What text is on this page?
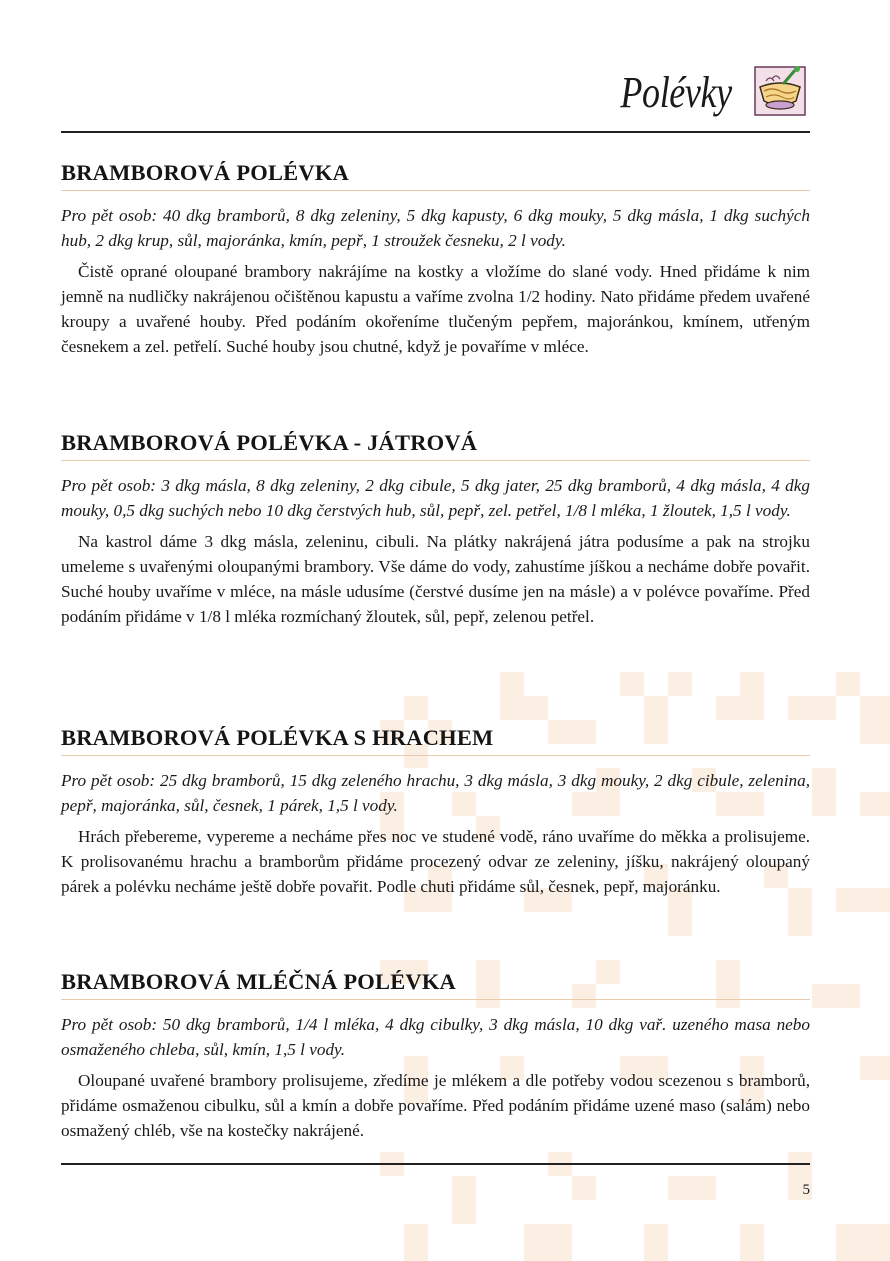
Polévky
BRAMBOROVÁ POLÉVKA

Pro pět osob: 40 dkg bramborů, 8 dkg zeleniny, 5 dkg kapusty, 6 dkg mouky, 5 dkg másla, 1 dkg suchých hub, 2 dkg krup, sůl, majoránka, kmín, pepř, 1 stroužek česneku, 2 l vody.

Čistě oprané oloupané brambory nakrájíme na kostky a vložíme do slané vody. Hned přidáme k nim jemně na nudličky nakrájenou očištěnou kapustu a vaříme zvolna 1/2 hodiny. Nato přidáme předem uvařené kroupy a uvařené houby. Před podáním okořeníme tlučeným pepřem, majoránkou, kmínem, utřeným česnekem a zel. petřelí. Suché houby jsou chutné, když je povaříme v mléce.

BRAMBOROVÁ POLÉVKA - JÁTROVÁ

Pro pět osob: 3 dkg másla, 8 dkg zeleniny, 2 dkg cibule, 5 dkg jater, 25 dkg bramborů, 4 dkg másla, 4 dkg mouky, 0,5 dkg suchých nebo 10 dkg čerstvých hub, sůl, pepř, zel. petřel, 1/8 l mléka, 1 žloutek, 1,5 l vody.

Na kastrol dáme 3 dkg másla, zeleninu, cibuli. Na plátky nakrájená játra podusíme a pak na strojku umeleme s uvařenými oloupanými brambory. Vše dáme do vody, zahustíme jíškou a necháme dobře povařit. Suché houby uvaříme v mléce, na másle udusíme (čerstvé dusíme jen na másle) a v polévce povaříme. Před podáním přidáme v 1/8 l mléka rozmíchaný žloutek, sůl, pepř, zelenou petřel.

BRAMBOROVÁ POLÉVKA S HRACHEM

Pro pět osob: 25 dkg bramborů, 15 dkg zeleného hrachu, 3 dkg másla, 3 dkg mouky, 2 dkg cibule, zelenina, pepř, majoránka, sůl, česnek, 1 párek, 1,5 l vody.

Hrách přebereme, vypereme a necháme přes noc ve studené vodě, ráno uvaříme do měkka a prolisujeme. K prolisovanému hrachu a bramborům přidáme procezený odvar ze zeleniny, jíšku, nakrájený oloupaný párek a polévku necháme ještě dobře povařit. Podle chuti přidáme sůl, česnek, pepř, majoránku.

BRAMBOROVÁ MLÉČNÁ POLÉVKA

Pro pět osob: 50 dkg bramborů, 1/4 l mléka, 4 dkg cibulky, 3 dkg másla, 10 dkg vař. uzeného masa nebo osmaženého chleba, sůl, kmín, 1,5 l vody.

Oloupané uvařené brambory prolisujeme, zředíme je mlékem a dle potřeby vodou scezenou s bramborů, přidáme osmaženou cibulku, sůl a kmín a dobře povaříme. Před podáním přidáme uzené maso (salám) nebo osmažený chléb, vše na kostečky nakrájené.

5
